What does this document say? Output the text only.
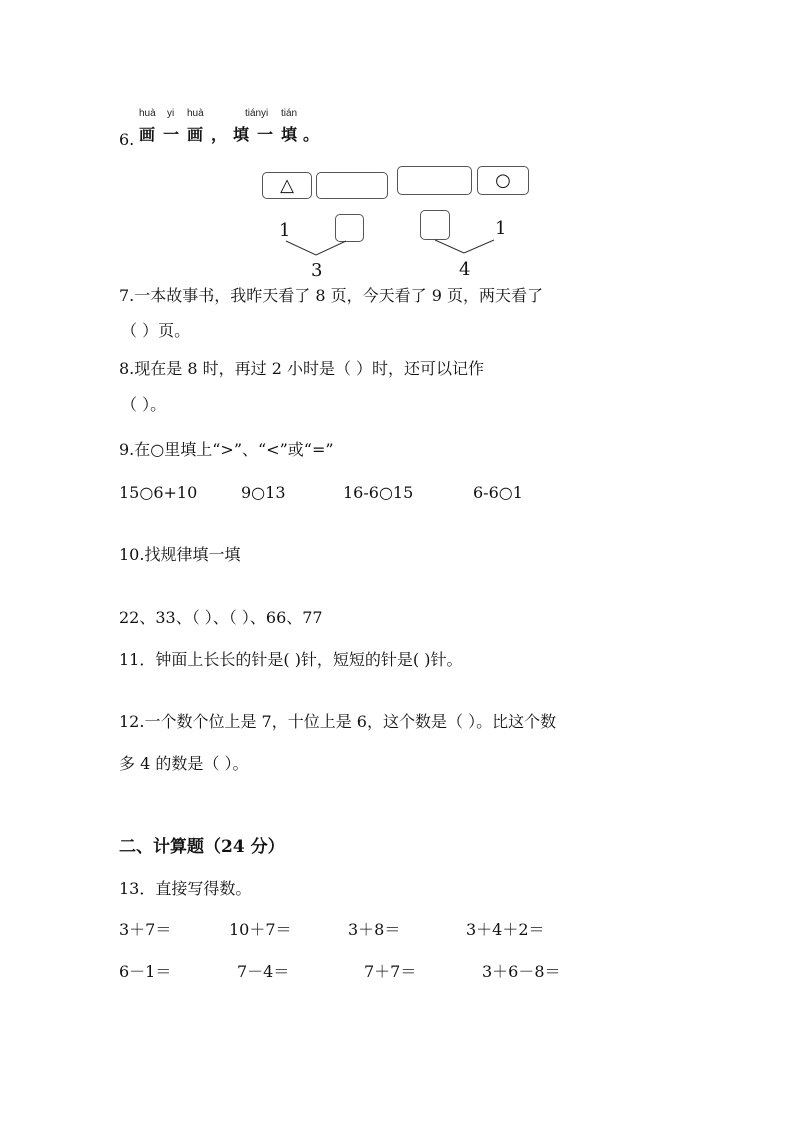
huà yi huà	tián yi tián
6. 画 一 画 ， 填 一 填 。
△
1
3
○
1
4
7.一本故事书，我昨天看了 8 页，今天看了 9 页，两天看了
（ ）页。
8.现在是 8 时，再过 2 小时是（ ）时，还可以记作
（ ）。
9.在○里填上“>”、“<”或“=”
15○6+10	9○13	16-6○15	6-6○1
10.找规律填一填
22、33、（ ）、（ ）、66、77
11．钟面上长长的针是( )针，短短的针是( )针。
12.一个数个位上是 7，十位上是 6，这个数是（ ）。比这个数
多 4 的数是（ ）。
二、计算题（24 分）
13．直接写得数。
3＋7＝	10＋7＝	3＋8＝	3＋4＋2＝
6－1＝	7－4＝	7＋7＝	3＋6－8＝
